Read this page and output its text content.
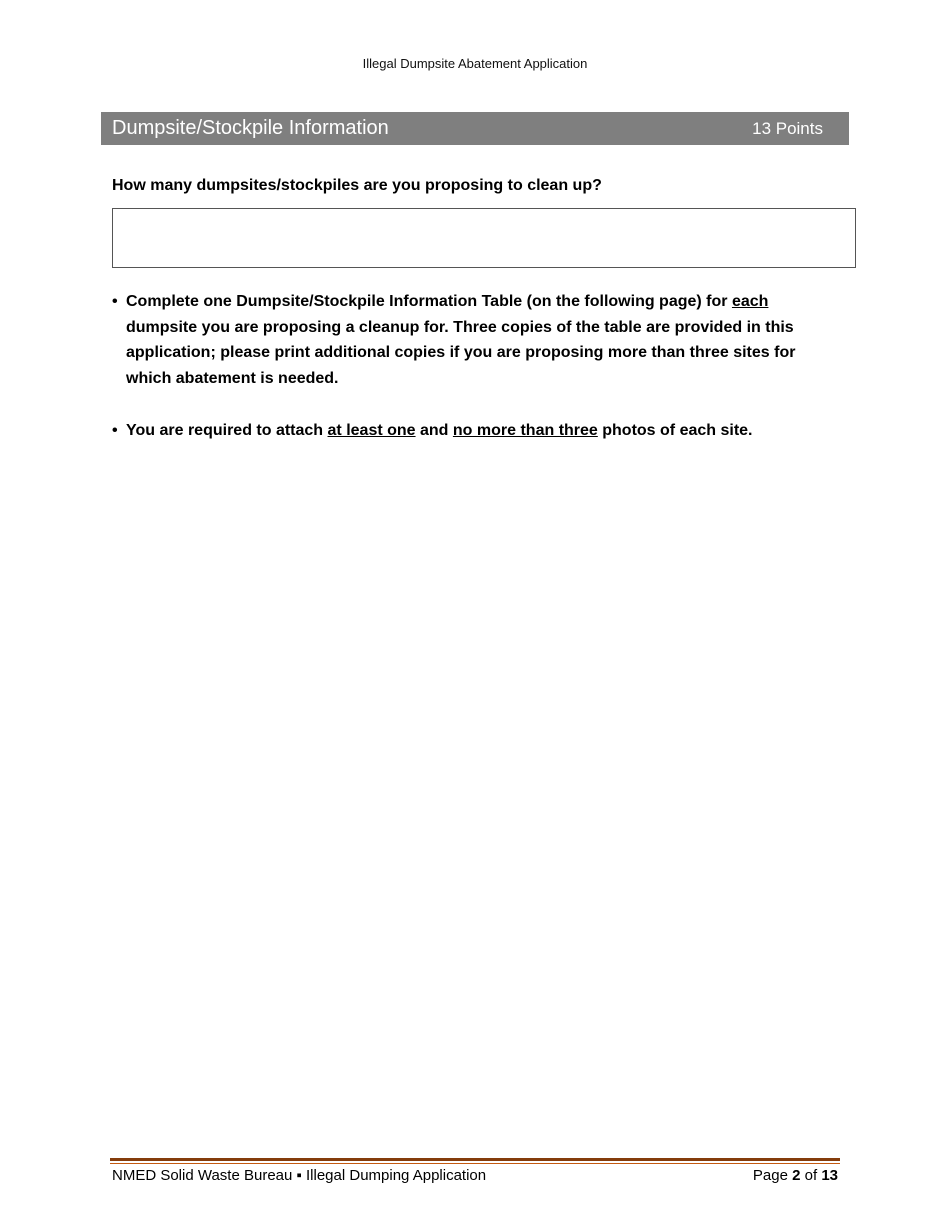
Illegal Dumpsite Abatement Application
Dumpsite/Stockpile Information	13 Points
How many dumpsites/stockpiles are you proposing to clean up?
• Complete one Dumpsite/Stockpile Information Table (on the following page) for each dumpsite you are proposing a cleanup for. Three copies of the table are provided in this application; please print additional copies if you are proposing more than three sites for which abatement is needed.
• You are required to attach at least one and no more than three photos of each site.
NMED Solid Waste Bureau ▪ Illegal Dumping Application	Page 2 of 13
